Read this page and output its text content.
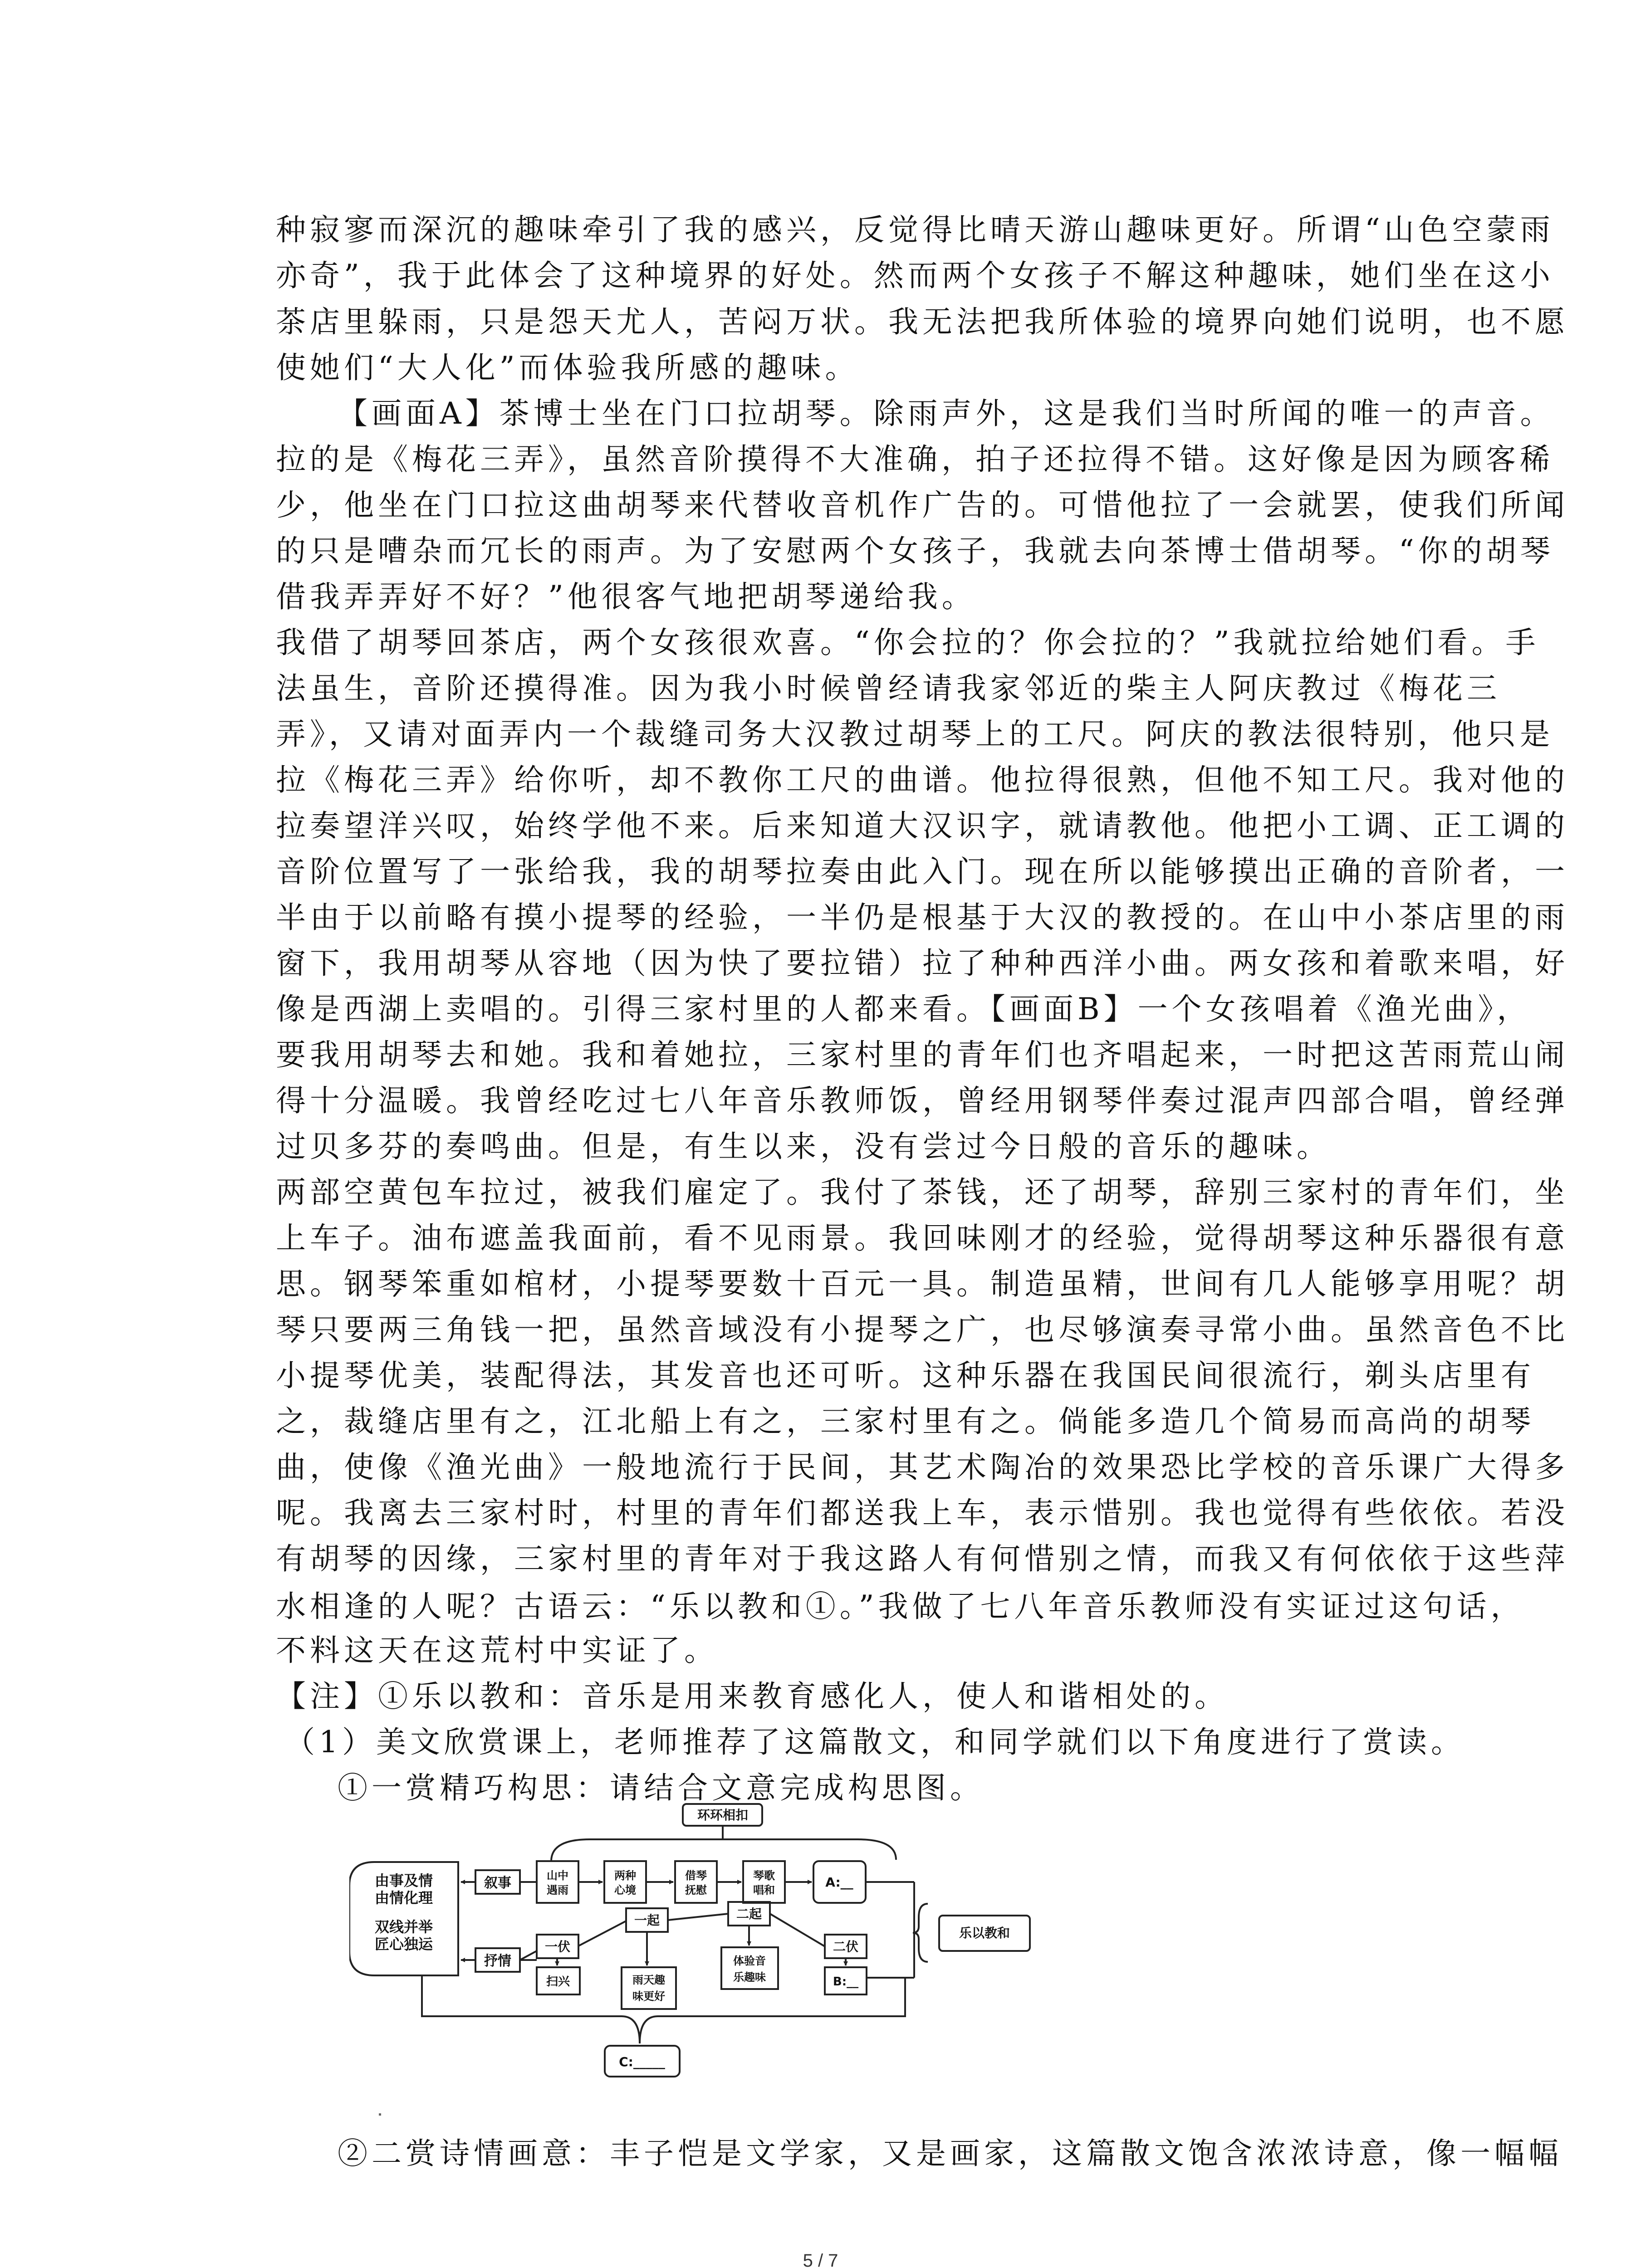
种寂寥而深沉的趣味牵引了我的感兴，反觉得比晴天游山趣味更好。所谓“山色空蒙雨
亦奇”，我于此体会了这种境界的好处。然而两个女孩子不解这种趣味，她们坐在这小
茶店里躲雨，只是怨天尤人，苦闷万状。我无法把我所体验的境界向她们说明，也不愿
使她们“大人化”而体验我所感的趣味。
【画面A】茶博士坐在门口拉胡琴。除雨声外，这是我们当时所闻的唯一的声音。
拉的是《梅花三弄》，虽然音阶摸得不大准确，拍子还拉得不错。这好像是因为顾客稀
少，他坐在门口拉这曲胡琴来代替收音机作广告的。可惜他拉了一会就罢，使我们所闻
的只是嘈杂而冗长的雨声。为了安慰两个女孩子，我就去向茶博士借胡琴。“你的胡琴
借我弄弄好不好？”他很客气地把胡琴递给我。
我借了胡琴回茶店，两个女孩很欢喜。“你会拉的？你会拉的？”我就拉给她们看。手
法虽生，音阶还摸得准。因为我小时候曾经请我家邻近的柴主人阿庆教过《梅花三
弄》，又请对面弄内一个裁缝司务大汉教过胡琴上的工尺。阿庆的教法很特别，他只是
拉《梅花三弄》给你听，却不教你工尺的曲谱。他拉得很熟，但他不知工尺。我对他的
拉奏望洋兴叹，始终学他不来。后来知道大汉识字，就请教他。他把小工调、正工调的
音阶位置写了一张给我，我的胡琴拉奏由此入门。现在所以能够摸出正确的音阶者，一
半由于以前略有摸小提琴的经验，一半仍是根基于大汉的教授的。在山中小茶店里的雨
窗下，我用胡琴从容地（因为快了要拉错）拉了种种西洋小曲。两女孩和着歌来唱，好
像是西湖上卖唱的。引得三家村里的人都来看。【画面B】一个女孩唱着《渔光曲》，
要我用胡琴去和她。我和着她拉，三家村里的青年们也齐唱起来，一时把这苦雨荒山闹
得十分温暖。我曾经吃过七八年音乐教师饭，曾经用钢琴伴奏过混声四部合唱，曾经弹
过贝多芬的奏鸣曲。但是，有生以来，没有尝过今日般的音乐的趣味。
两部空黄包车拉过，被我们雇定了。我付了茶钱，还了胡琴，辞别三家村的青年们，坐
上车子。油布遮盖我面前，看不见雨景。我回味刚才的经验，觉得胡琴这种乐器很有意
思。钢琴笨重如棺材，小提琴要数十百元一具。制造虽精，世间有几人能够享用呢？胡
琴只要两三角钱一把，虽然音域没有小提琴之广，也尽够演奏寻常小曲。虽然音色不比
小提琴优美，装配得法，其发音也还可听。这种乐器在我国民间很流行，剃头店里有
之，裁缝店里有之，江北船上有之，三家村里有之。倘能多造几个简易而高尚的胡琴
曲，使像《渔光曲》一般地流行于民间，其艺术陶冶的效果恐比学校的音乐课广大得多
呢。我离去三家村时，村里的青年们都送我上车，表示惜别。我也觉得有些依依。若没
有胡琴的因缘，三家村里的青年对于我这路人有何惜别之情，而我又有何依依于这些萍
水相逢的人呢？古语云：“乐以教和①。”我做了七八年音乐教师没有实证过这句话，
不料这天在这荒村中实证了。
【注】①乐以教和：音乐是用来教育感化人，使人和谐相处的。
（1）美文欣赏课上，老师推荐了这篇散文，和同学就们以下角度进行了赏读。
①一赏精巧构思：请结合文意完成构思图。
②二赏诗情画意：丰子恺是文学家，又是画家，这篇散文饱含浓浓诗意，像一幅幅
环环相扣
由事及情
由情化理
双线并举
匠心独运
叙事
抒情
山中
遇雨
两种
心境
借琴
抚慰
琴歌
唱和
A:__
乐以教和
一伏
一起	二起
二伏
扫兴	雨天趣
味更好
体验音
乐趣味	B:__
C:_____
5 / 7
